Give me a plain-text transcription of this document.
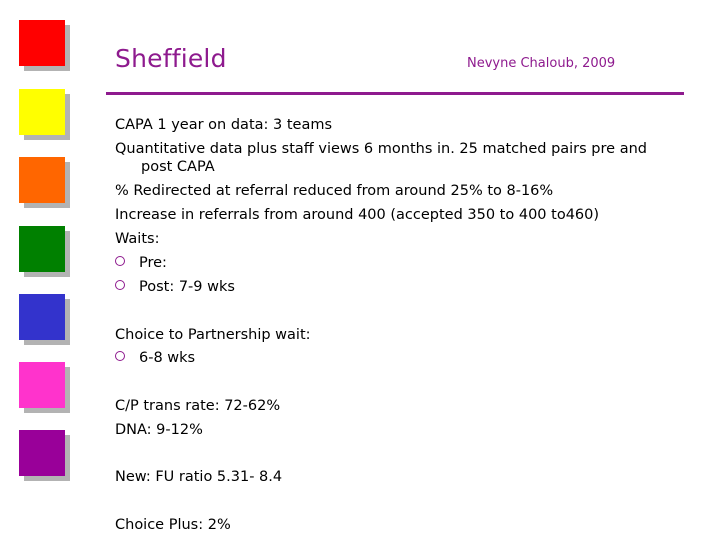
Sheffield	Nevyne Chaloub, 2009
CAPA 1 year on data: 3 teams
Quantitative data plus staff views 6 months in. 25 matched pairs pre and
post CAPA
% Redirected at referral reduced from around 25% to 8-16%
Increase in referrals from around 400 (accepted 350 to 400 to460)
Waits:
Pre:
Post: 7-9 wks
Choice to Partnership wait:
6-8 wks
C/P trans rate: 72-62%
DNA: 9-12%
New: FU ratio 5.31- 8.4
Choice Plus: 2%
